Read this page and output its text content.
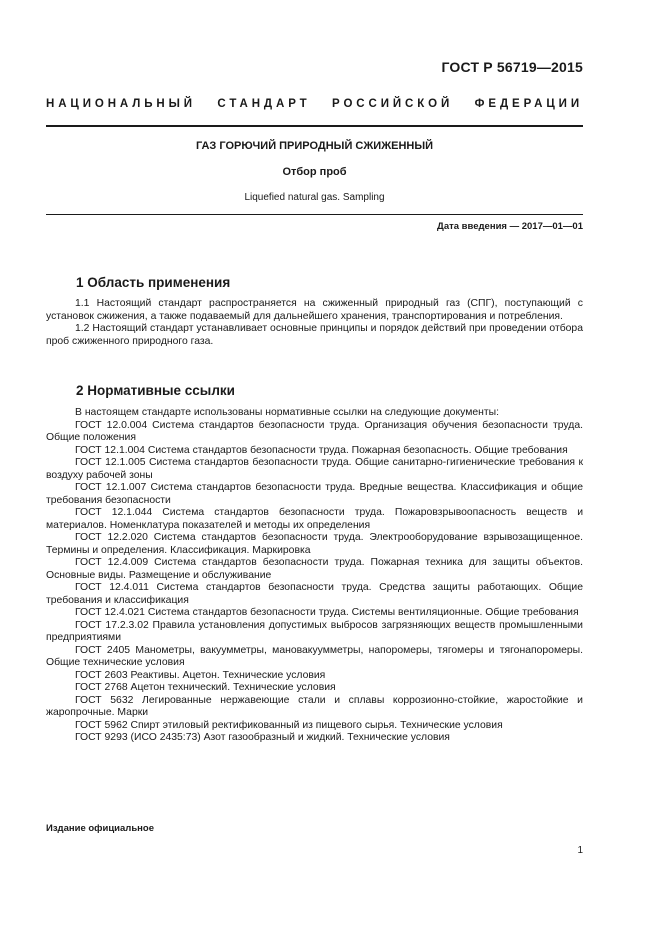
ГОСТ Р 56719—2015
НАЦИОНАЛЬНЫЙ СТАНДАРТ РОССИЙСКОЙ ФЕДЕРАЦИИ
ГАЗ ГОРЮЧИЙ ПРИРОДНЫЙ СЖИЖЕННЫЙ
Отбор проб
Liquefied natural gas. Sampling
Дата введения — 2017—01—01
1 Область применения

1.1 Настоящий стандарт распространяется на сжиженный природный газ (СПГ), поступающий с установок сжижения, а также подаваемый для дальнейшего хранения, транспортирования и потребления.

1.2 Настоящий стандарт устанавливает основные принципы и порядок действий при проведении отбора проб сжиженного природного газа.

2 Нормативные ссылки

В настоящем стандарте использованы нормативные ссылки на следующие документы:

ГОСТ 12.0.004 Система стандартов безопасности труда. Организация обучения безопасности труда. Общие положения

ГОСТ 12.1.004 Система стандартов безопасности труда. Пожарная безопасность. Общие требования

ГОСТ 12.1.005 Система стандартов безопасности труда. Общие санитарно-гигиенические требования к воздуху рабочей зоны

ГОСТ 12.1.007 Система стандартов безопасности труда. Вредные вещества. Классификация и общие требования безопасности

ГОСТ 12.1.044 Система стандартов безопасности труда. Пожаровзрывоопасность веществ и материалов. Номенклатура показателей и методы их определения

ГОСТ 12.2.020 Система стандартов безопасности труда. Электрооборудование взрывозащищенное. Термины и определения. Классификация. Маркировка

ГОСТ 12.4.009 Система стандартов безопасности труда. Пожарная техника для защиты объектов. Основные виды. Размещение и обслуживание

ГОСТ 12.4.011 Система стандартов безопасности труда. Средства защиты работающих. Общие требования и классификация

ГОСТ 12.4.021 Система стандартов безопасности труда. Системы вентиляционные. Общие требования

ГОСТ 17.2.3.02 Правила установления допустимых выбросов загрязняющих веществ промышленными предприятиями

ГОСТ 2405 Манометры, вакуумметры, мановакуумметры, напоромеры, тягомеры и тягонапоромеры. Общие технические условия

ГОСТ 2603 Реактивы. Ацетон. Технические условия

ГОСТ 2768 Ацетон технический. Технические условия

ГОСТ 5632 Легированные нержавеющие стали и сплавы коррозионно-стойкие, жаростойкие и жаропрочные. Марки

ГОСТ 5962 Спирт этиловый ректификованный из пищевого сырья. Технические условия

ГОСТ 9293 (ИСО 2435:73) Азот газообразный и жидкий. Технические условия

Издание официальное
1
